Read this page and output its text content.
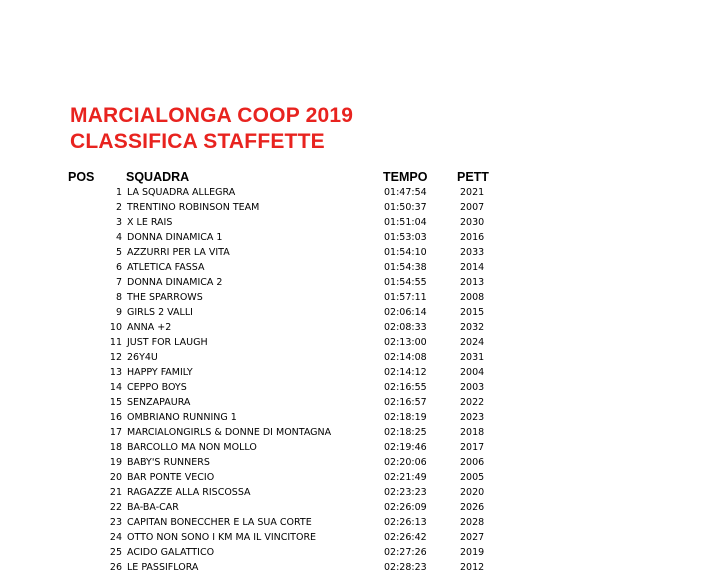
MARCIALONGA COOP 2019
CLASSIFICA STAFFETTE
POS	SQUADRA	TEMPO PETT
1 LA SQUADRA ALLEGRA	01:47:54	2021
2 TRENTINO ROBINSON TEAM	01:50:37	2007
3 X LE RAIS	01:51:04	2030
4 DONNA DINAMICA 1	01:53:03	2016
5 AZZURRI PER LA VITA	01:54:10	2033
6 ATLETICA FASSA	01:54:38	2014
7 DONNA DINAMICA 2	01:54:55	2013
8 THE SPARROWS	01:57:11	2008
9 GIRLS 2 VALLI	02:06:14	2015
10 ANNA +2	02:08:33	2032
11 JUST FOR LAUGH	02:13:00	2024
12 26Y4U	02:14:08	2031
13 HAPPY FAMILY	02:14:12	2004
14 CEPPO BOYS	02:16:55	2003
15 SENZAPAURA	02:16:57	2022
16 OMBRIANO RUNNING 1	02:18:19	2023
17 MARCIALONGIRLS & DONNE DI MONTAGNA	02:18:25	2018
18 BARCOLLO MA NON MOLLO	02:19:46	2017
19 BABY'S RUNNERS	02:20:06	2006
20 BAR PONTE VECIO	02:21:49	2005
21 RAGAZZE ALLA RISCOSSA	02:23:23	2020
22 BA-BA-CAR	02:26:09	2026
23 CAPITAN BONECCHER E LA SUA CORTE	02:26:13	2028
24 OTTO NON SONO I KM MA IL VINCITORE	02:26:42	2027
25 ACIDO GALATTICO	02:27:26	2019
26 LE PASSIFLORA	02:28:23	2012
